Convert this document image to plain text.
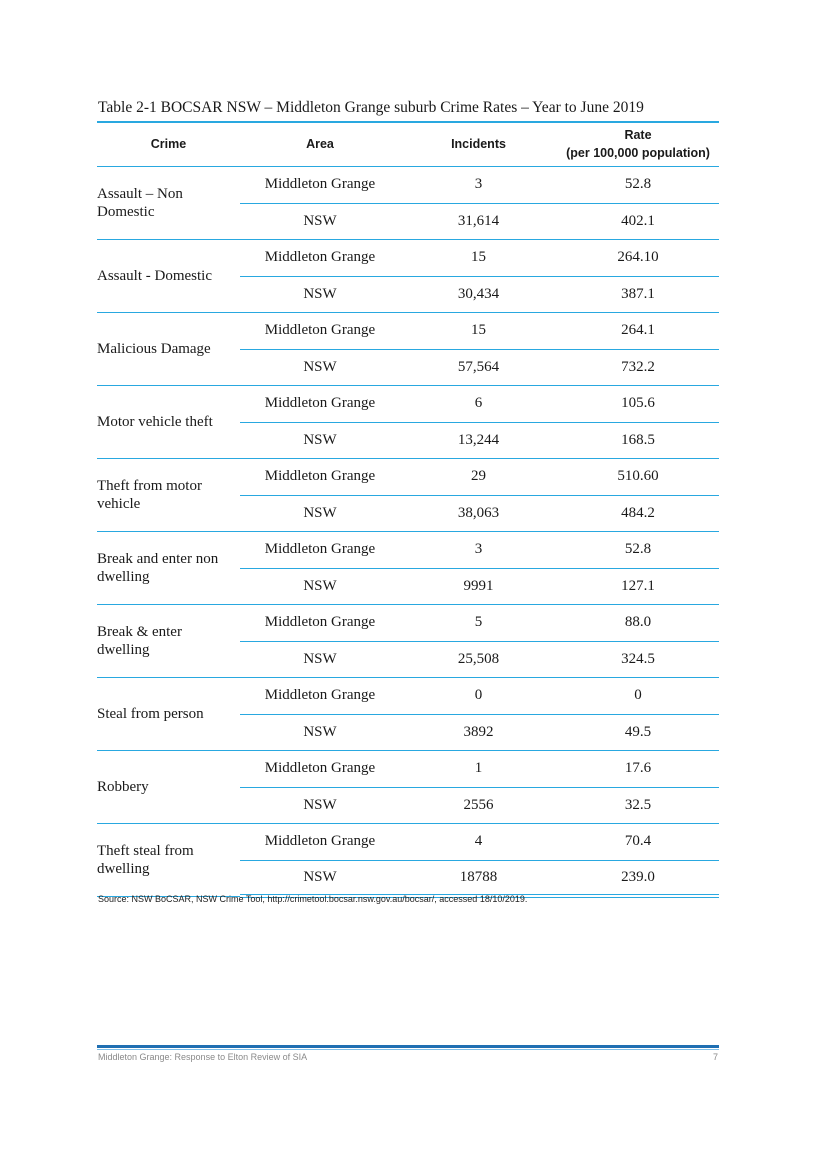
Table 2-1 BOCSAR NSW – Middleton Grange suburb Crime Rates – Year to June 2019
Crime	Area	Incidents	Rate
(per 100,000 population)

Assault – Non Domestic	Middleton Grange	3	52.8
	NSW	31,614	402.1
Assault - Domestic	Middleton Grange	15	264.10
	NSW	30,434	387.1
Malicious Damage	Middleton Grange	15	264.1
	NSW	57,564	732.2
Motor vehicle theft	Middleton Grange	6	105.6
	NSW	13,244	168.5
Theft from motor vehicle	Middleton Grange	29	510.60
	NSW	38,063	484.2
Break and enter non dwelling	Middleton Grange	3	52.8
	NSW	9991	127.1
Break & enter dwelling	Middleton Grange	5	88.0
	NSW	25,508	324.5
Steal from person	Middleton Grange	0	0
	NSW	3892	49.5
Robbery	Middleton Grange	1	17.6
	NSW	2556	32.5
Theft steal from dwelling	Middleton Grange	4	70.4
	NSW	18788	239.0
Source: NSW BoCSAR, NSW Crime Tool, http://crimetool.bocsar.nsw.gov.au/bocsar/, accessed 18/10/2019.
Middleton Grange: Response to Elton Review of SIA	7
